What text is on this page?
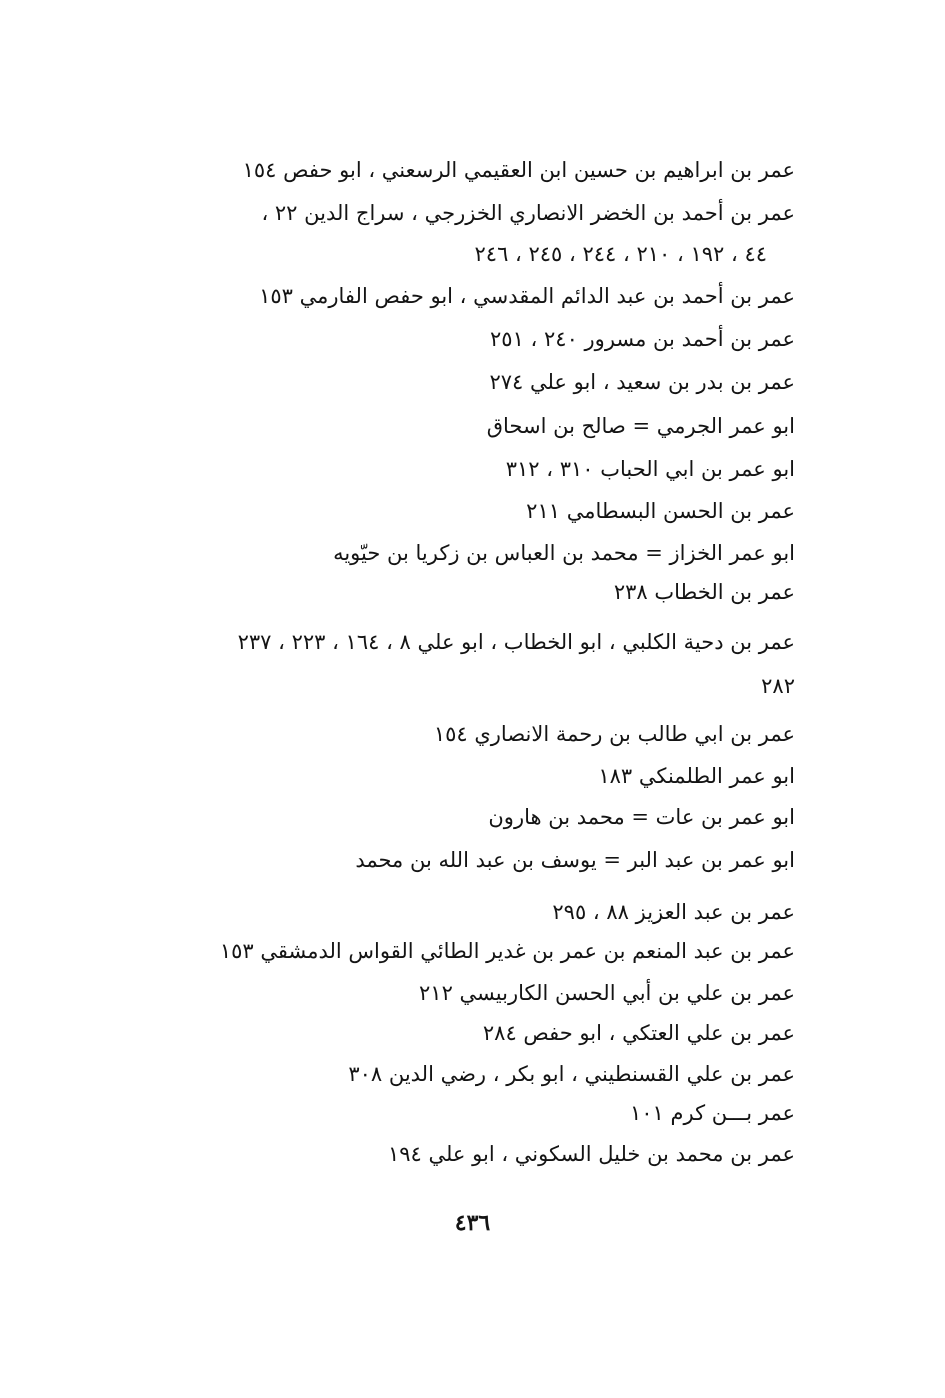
عمر بن ابراهيم بن حسين ابن العقيمي الرسعني ، ابو حفص ١٥٤
عمر بن أحمد بن الخضر الانصاري الخزرجي ، سراج الدين ٢٢ ،
٤٤ ، ١٩٢ ، ٢١٠ ، ٢٤٤ ، ٢٤٥ ، ٢٤٦
عمر بن أحمد بن عبد الدائم المقدسي ، ابو حفص الفارمي ١٥٣
عمر بن أحمد بن مسرور ٢٤٠ ، ٢٥١
عمر بن بدر بن سعيد ، ابو علي ٢٧٤
ابو عمر الجرمي = صالح بن اسحاق
ابو عمر بن ابي الحباب ٣١٠ ، ٣١٢
عمر بن الحسن البسطامي ٢١١
ابو عمر الخزاز = محمد بن العباس بن زكريا بن حيّويه
عمر بن الخطاب ٢٣٨
عمر بن دحية الكلبي ، ابو الخطاب ، ابو علي ٨ ، ١٦٤ ، ٢٢٣ ، ٢٣٧
٢٨٢
عمر بن ابي طالب بن رحمة الانصاري ١٥٤
ابو عمر الطلمنكي ١٨٣
ابو عمر بن عات = محمد بن هارون
ابو عمر بن عبد البر = يوسف بن عبد الله بن محمد
عمر بن عبد العزيز ٨٨ ، ٢٩٥
عمر بن عبد المنعم بن عمر بن غدير الطائي القواس الدمشقي ١٥٣
عمر بن علي بن أبي الحسن الكاربيسي ٢١٢
عمر بن علي العتكي ، ابو حفص ٢٨٤
عمر بن علي القسنطيني ، ابو بكر ، رضي الدين ٣٠٨
عمر بـــن كرم ١٠١
عمر بن محمد بن خليل السكوني ، ابو علي ١٩٤
٤٣٦
